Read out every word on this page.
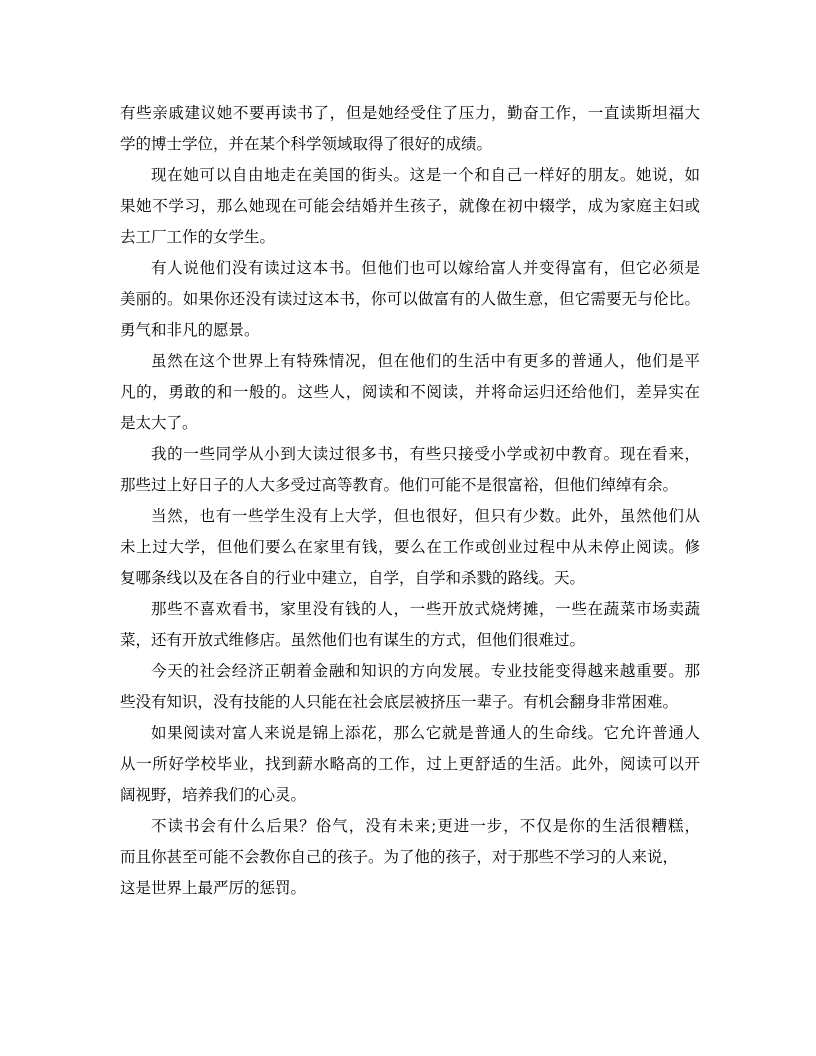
有些亲戚建议她不要再读书了，但是她经受住了压力，勤奋工作，一直读斯坦福大
学的博士学位，并在某个科学领域取得了很好的成绩。
现在她可以自由地走在美国的街头。这是一个和自己一样好的朋友。她说，如
果她不学习，那么她现在可能会结婚并生孩子，就像在初中辍学，成为家庭主妇或
去工厂工作的女学生。
有人说他们没有读过这本书。但他们也可以嫁给富人并变得富有，但它必须是
美丽的。如果你还没有读过这本书，你可以做富有的人做生意，但它需要无与伦比。
勇气和非凡的愿景。
虽然在这个世界上有特殊情况，但在他们的生活中有更多的普通人，他们是平
凡的，勇敢的和一般的。这些人，阅读和不阅读，并将命运归还给他们，差异实在
是太大了。
我的一些同学从小到大读过很多书，有些只接受小学或初中教育。现在看来，
那些过上好日子的人大多受过高等教育。他们可能不是很富裕，但他们绰绰有余。
当然，也有一些学生没有上大学，但也很好，但只有少数。此外，虽然他们从
未上过大学，但他们要么在家里有钱，要么在工作或创业过程中从未停止阅读。修
复哪条线以及在各自的行业中建立，自学，自学和杀戮的路线。天。
那些不喜欢看书，家里没有钱的人，一些开放式烧烤摊，一些在蔬菜市场卖蔬
菜，还有开放式维修店。虽然他们也有谋生的方式，但他们很难过。
今天的社会经济正朝着金融和知识的方向发展。专业技能变得越来越重要。那
些没有知识，没有技能的人只能在社会底层被挤压一辈子。有机会翻身非常困难。
如果阅读对富人来说是锦上添花，那么它就是普通人的生命线。它允许普通人
从一所好学校毕业，找到薪水略高的工作，过上更舒适的生活。此外，阅读可以开
阔视野，培养我们的心灵。
不读书会有什么后果？俗气，没有未来;更进一步，不仅是你的生活很糟糕，
而且你甚至可能不会教你自己的孩子。为了他的孩子，对于那些不学习的人来说，
这是世界上最严厉的惩罚。
